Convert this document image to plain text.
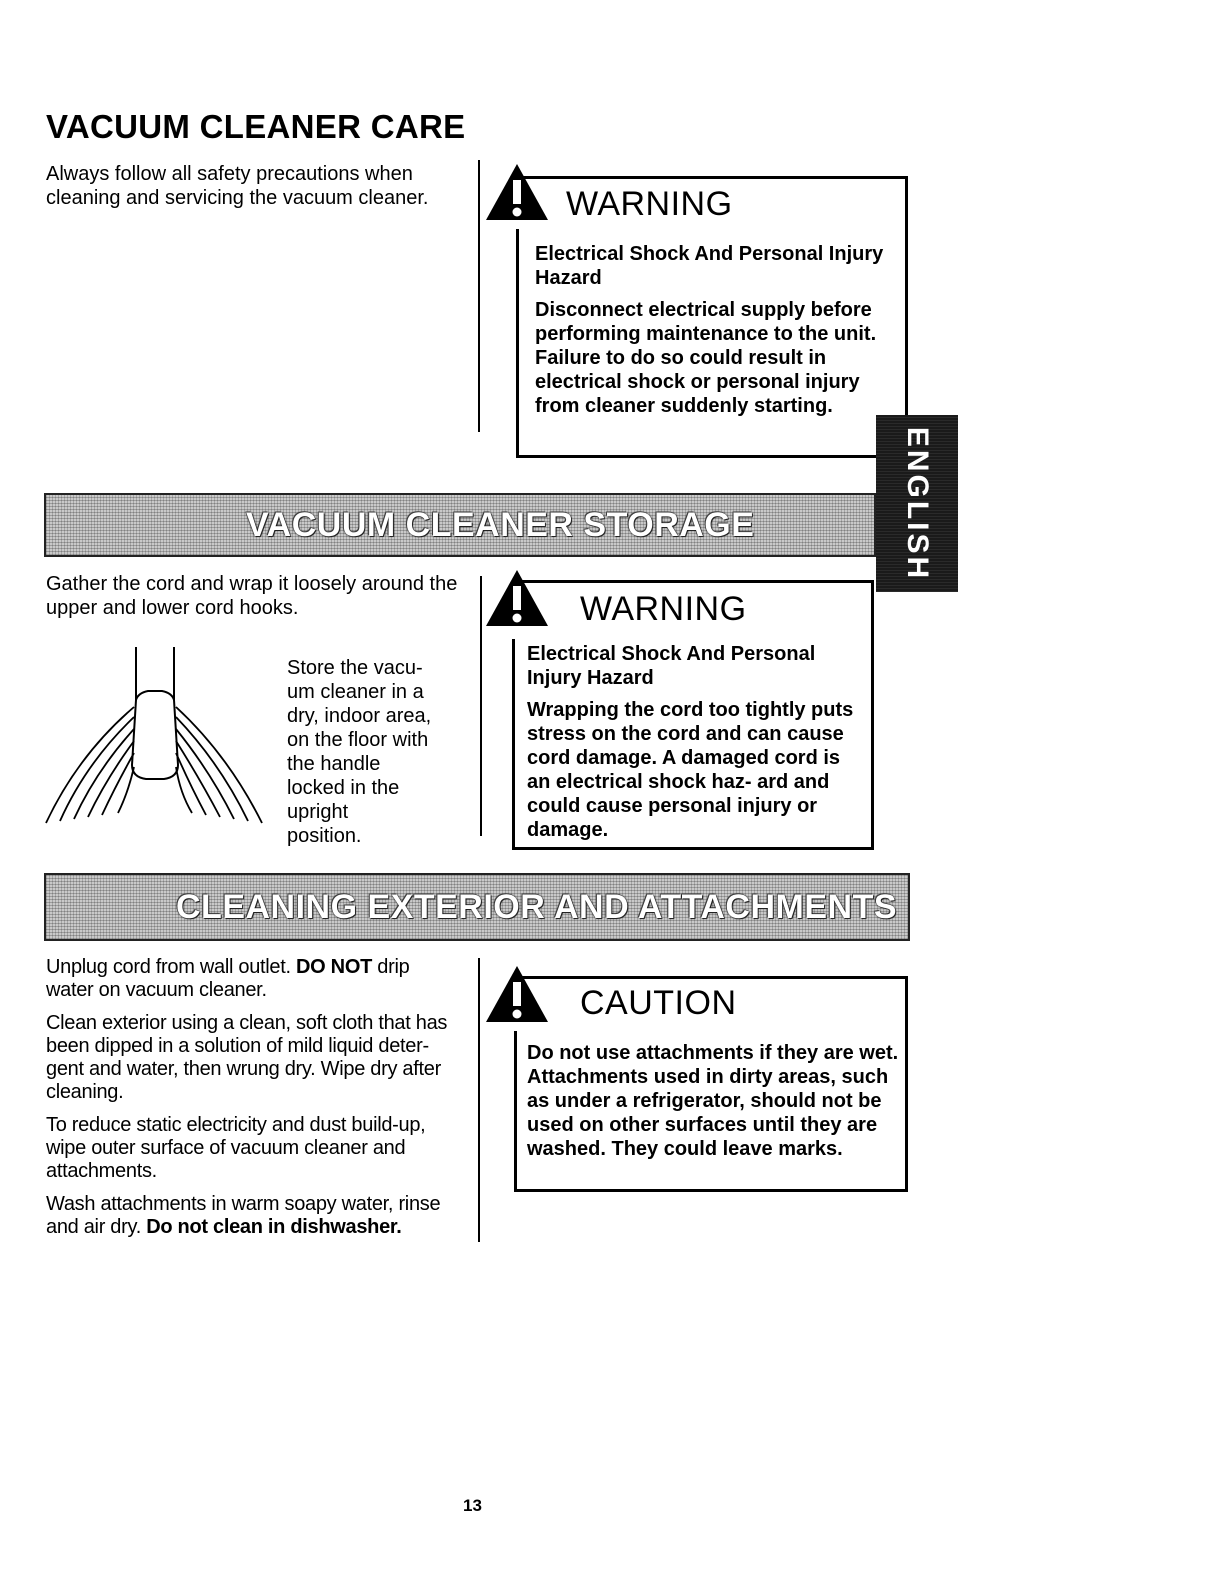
VACUUM CLEANER CARE
Always follow all safety precautions when cleaning and servicing the vacuum cleaner.	WARNING

Electrical Shock And Personal Injury Hazard

Disconnect electrical supply before performing maintenance to the unit. Failure to do so could result in electrical shock or personal injury from cleaner suddenly starting.

ENGLISH
VACUUM CLEANER STORAGE
Gather the cord and wrap it loosely around the upper and lower cord hooks.
Store the vacu-
um cleaner in a
dry, indoor area,
on the floor with
the handle
locked in the
upright
position.
WARNING

Electrical Shock And Personal Injury Hazard

Wrapping the cord too tightly puts stress on the cord and can cause cord damage. A damaged cord is an electrical shock haz- ard and could cause personal injury or damage.

CLEANING EXTERIOR AND ATTACHMENTS

Unplug cord from wall outlet. DO NOT drip water on vacuum cleaner.

Clean exterior using a clean, soft cloth that has been dipped in a solution of mild liquid deter- gent and water, then wrung dry. Wipe dry after cleaning.

To reduce static electricity and dust build-up, wipe outer surface of vacuum cleaner and attachments.

Wash attachments in warm soapy water, rinse and air dry. Do not clean in dishwasher.

CAUTION

Do not use attachments if they are wet. Attachments used in dirty areas, such as under a refrigerator, should not be used on other surfaces until they are washed. They could leave marks.

13
